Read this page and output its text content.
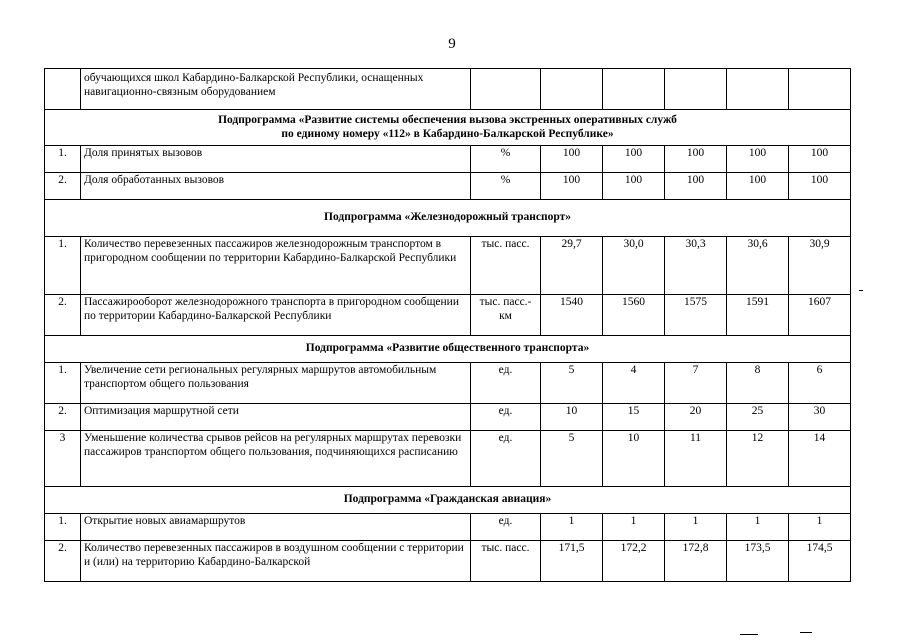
9
	обучающихся школ Кабардино-Балкарской Республики, оснащенных навигационно-связным оборудованием						

Подпрограмма «Развитие системы обеспечения вызова экстренных оперативных служб
по единому номеру «112» в Кабардино-Балкарской Республике»							

1.	Доля принятых вызовов	%	100	100	100	100	100
2.	Доля обработанных вызовов	%	100	100	100	100	100

Подпрограмма «Железнодорожный транспорт»							

1.	Количество перевезенных пассажиров железнодорожным транспортом в пригородном сообщении по территории Кабардино-Балкарской Республики	тыс. пасс.	29,7	30,0	30,3	30,6	30,9
2.	Пассажирооборот железнодорожного транспорта в пригородном сообщении по территории Кабардино-Балкарской Республики	тыс. пасс.-км	1540	1560	1575	1591	1607

Подпрограмма «Развитие общественного транспорта»							

1.	Увеличение сети региональных регулярных маршрутов автомобильным транспортом общего пользования	ед.	5	4	7	8	6
2.	Оптимизация маршрутной сети	ед.	10	15	20	25	30
3	Уменьшение количества срывов рейсов на регулярных маршрутах перевозки пассажиров транспортом общего пользования, подчиняющихся расписанию	ед.	5	10	11	12	14

Подпрограмма «Гражданская авиация»							

1.	Открытие новых авиамаршрутов	ед.	1	1	1	1	1
2.	Количество перевезенных пассажиров в воздушном сообщении с территории и (или) на территорию Кабардино-Балкарской	тыс. пасс.	171,5	172,2	172,8	173,5	174,5
